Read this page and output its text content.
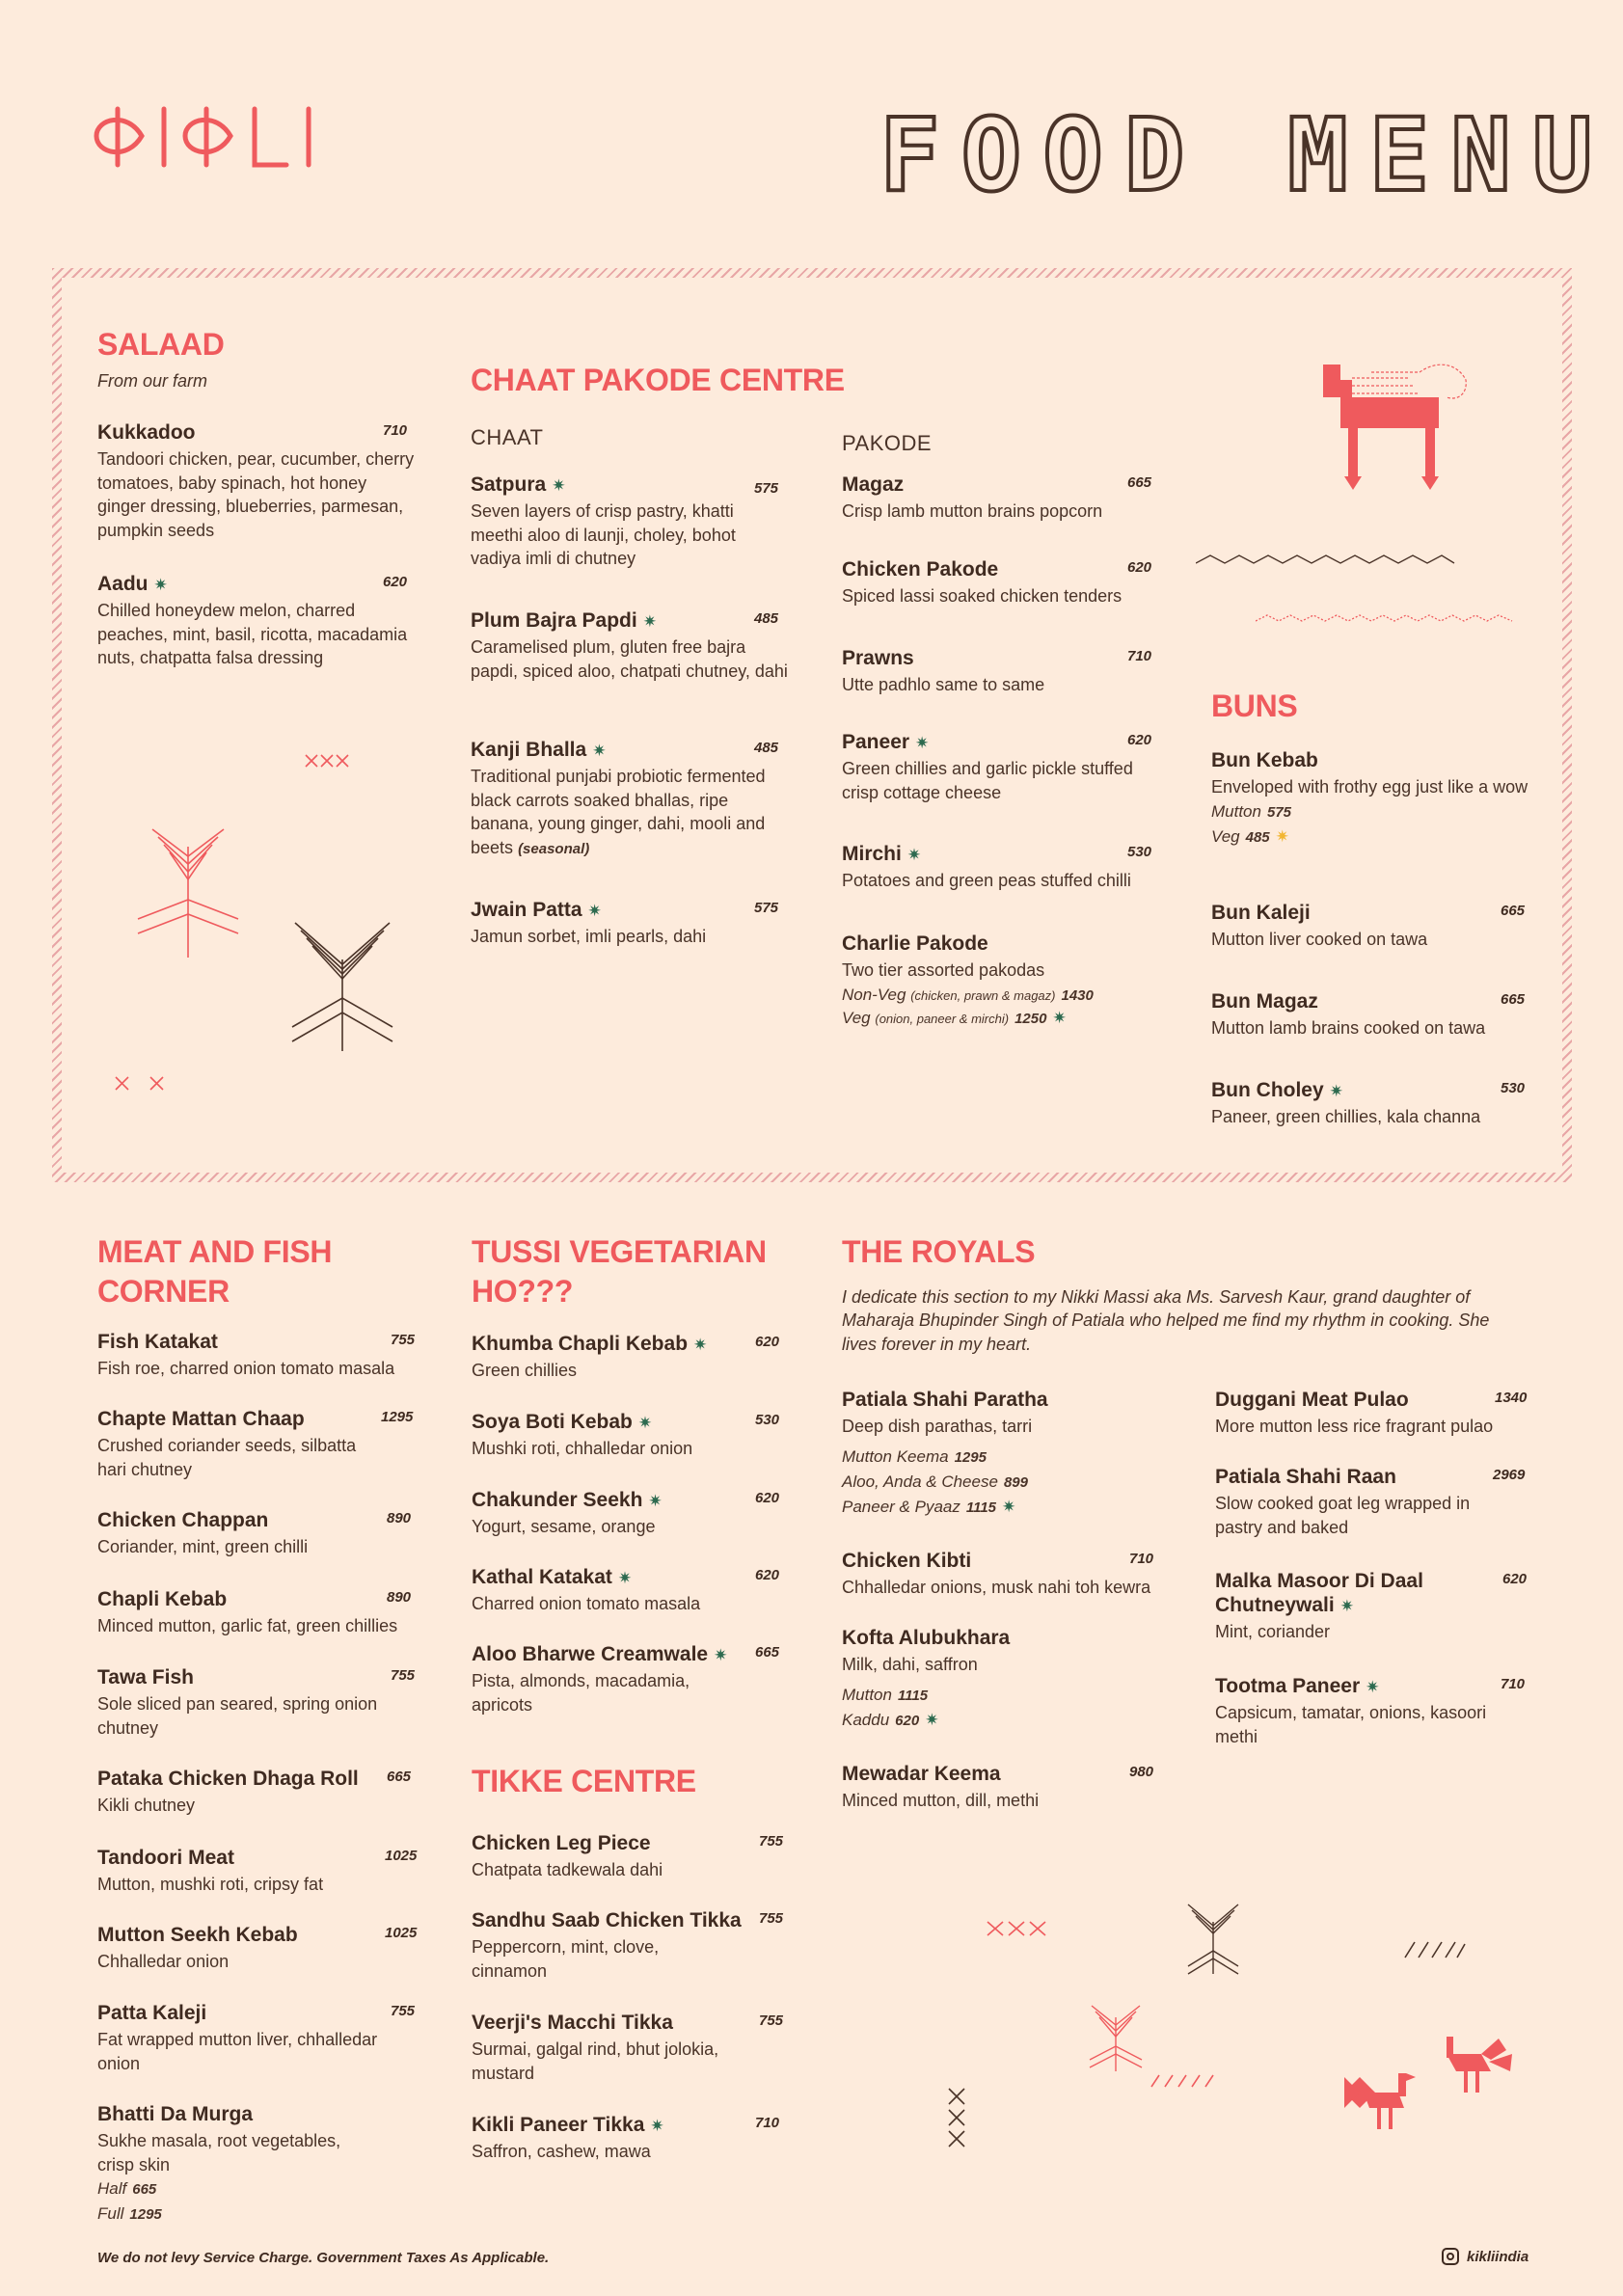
FOOD MENU
SALAAD
From our farm
Kukkadoo	710
Tandoori chicken, pear, cucumber, cherry tomatoes, baby spinach, hot honey ginger dressing, blueberries, parmesan, pumpkin seeds
Aadu ✷	620
Chilled honeydew melon, charred peaches, mint, basil, ricotta, macadamia nuts, chatpatta falsa dressing
CHAAT PAKODE CENTRE
CHAAT	PAKODE
Satpura ✷	575
Seven layers of crisp pastry, khatti meethi aloo di launji, choley, bohot vadiya imli di chutney
Plum Bajra Papdi ✷	485
Caramelised plum, gluten free bajra papdi, spiced aloo, chatpati chutney, dahi
Kanji Bhalla ✷	485
Traditional punjabi probiotic fermented black carrots soaked bhallas, ripe banana, young ginger, dahi, mooli and beets (seasonal)
Jwain Patta ✷	575
Jamun sorbet, imli pearls, dahi
Magaz	665
Crisp lamb mutton brains popcorn
Chicken Pakode	620
Spiced lassi soaked chicken tenders
Prawns	710
Utte padhlo same to same
Paneer ✷	620
Green chillies and garlic pickle stuffed crisp cottage cheese
Mirchi ✷	530
Potatoes and green peas stuffed chilli
Charlie Pakode
Two tier assorted pakodas
Non-Veg (chicken, prawn & magaz) 1430
Veg (onion, paneer & mirchi) 1250 ✷
BUNS
Bun Kebab
Enveloped with frothy egg just like a wow
Mutton 575
Veg 485 ✷
Bun Kaleji	665
Mutton liver cooked on tawa
Bun Magaz	665
Mutton lamb brains cooked on tawa
Bun Choley ✷	530
Paneer, green chillies, kala channa
MEAT AND FISH
CORNER
Fish Katakat	755
Fish roe, charred onion tomato masala
Chapte Mattan Chaap	1295
Crushed coriander seeds, silbatta hari chutney
Chicken Chappan	890
Coriander, mint, green chilli
Chapli Kebab	890
Minced mutton, garlic fat, green chillies
Tawa Fish	755
Sole sliced pan seared, spring onion chutney
Pataka Chicken Dhaga Roll	665
Kikli chutney
Tandoori Meat	1025
Mutton, mushki roti, cripsy fat
Mutton Seekh Kebab	1025
Chhalledar onion
Patta Kaleji	755
Fat wrapped mutton liver, chhalledar onion
Bhatti Da Murga
Sukhe masala, root vegetables, crisp skin
Half 665
Full 1295
TUSSI VEGETARIAN
HO???
Khumba Chapli Kebab ✷	620
Green chillies
Soya Boti Kebab ✷	530
Mushki roti, chhalledar onion
Chakunder Seekh ✷	620
Yogurt, sesame, orange
Kathal Katakat ✷	620
Charred onion tomato masala
Aloo Bharwe Creamwale ✷	665
Pista, almonds, macadamia, apricots
TIKKE CENTRE
Chicken Leg Piece	755
Chatpata tadkewala dahi
Sandhu Saab Chicken Tikka	755
Peppercorn, mint, clove, cinnamon
Veerji's Macchi Tikka	755
Surmai, galgal rind, bhut jolokia, mustard
Kikli Paneer Tikka ✷	710
Saffron, cashew, mawa
THE ROYALS
I dedicate this section to my Nikki Massi aka Ms. Sarvesh Kaur, grand daughter of Maharaja Bhupinder Singh of Patiala who helped me find my rhythm in cooking. She lives forever in my heart.
Patiala Shahi Paratha
Deep dish parathas, tarri
Mutton Keema 1295
Aloo, Anda & Cheese 899
Paneer & Pyaaz 1115 ✷
Chicken Kibti	710
Chhalledar onions, musk nahi toh kewra
Kofta Alubukhara
Milk, dahi, saffron
Mutton 1115
Kaddu 620 ✷
Mewadar Keema	980
Minced mutton, dill, methi
Duggani Meat Pulao	1340
More mutton less rice fragrant pulao
Patiala Shahi Raan	2969
Slow cooked goat leg wrapped in pastry and baked
Malka Masoor Di Daal
Chutneywali ✷
620
Mint, coriander
Tootma Paneer ✷	710
Capsicum, tamatar, onions, kasoori methi
We do not levy Service Charge. Government Taxes As Applicable.	kikliindia
